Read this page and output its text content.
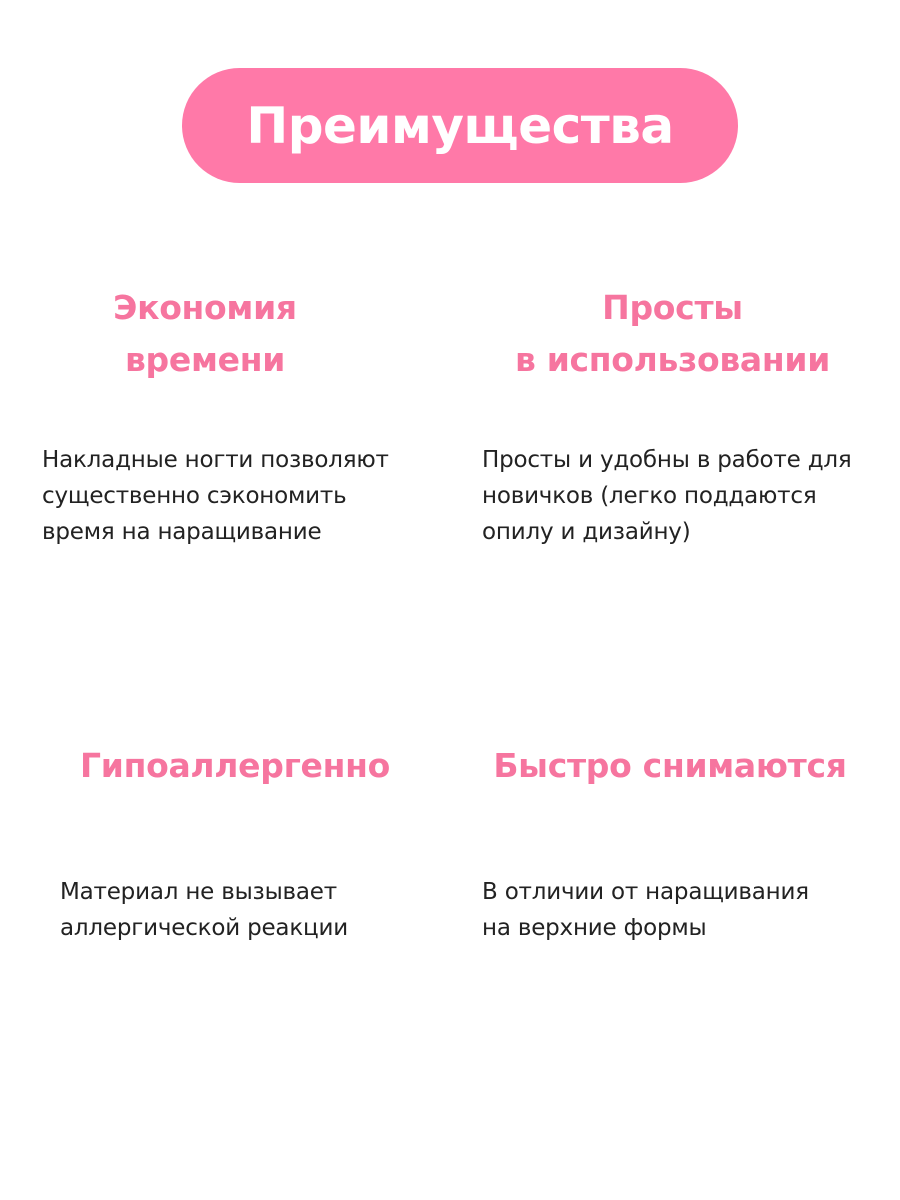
Преимущества
Экономия
времени
Накладные ногти позволяют
существенно сэкономить
время на наращивание
Просты
в использовании
Просты и удобны в работе для
новичков (легко поддаются
опилу и дизайну)
Гипоаллергенно
Материал не вызывает
аллергической реакции
Быстро снимаются
В отличии от наращивания
на верхние формы
